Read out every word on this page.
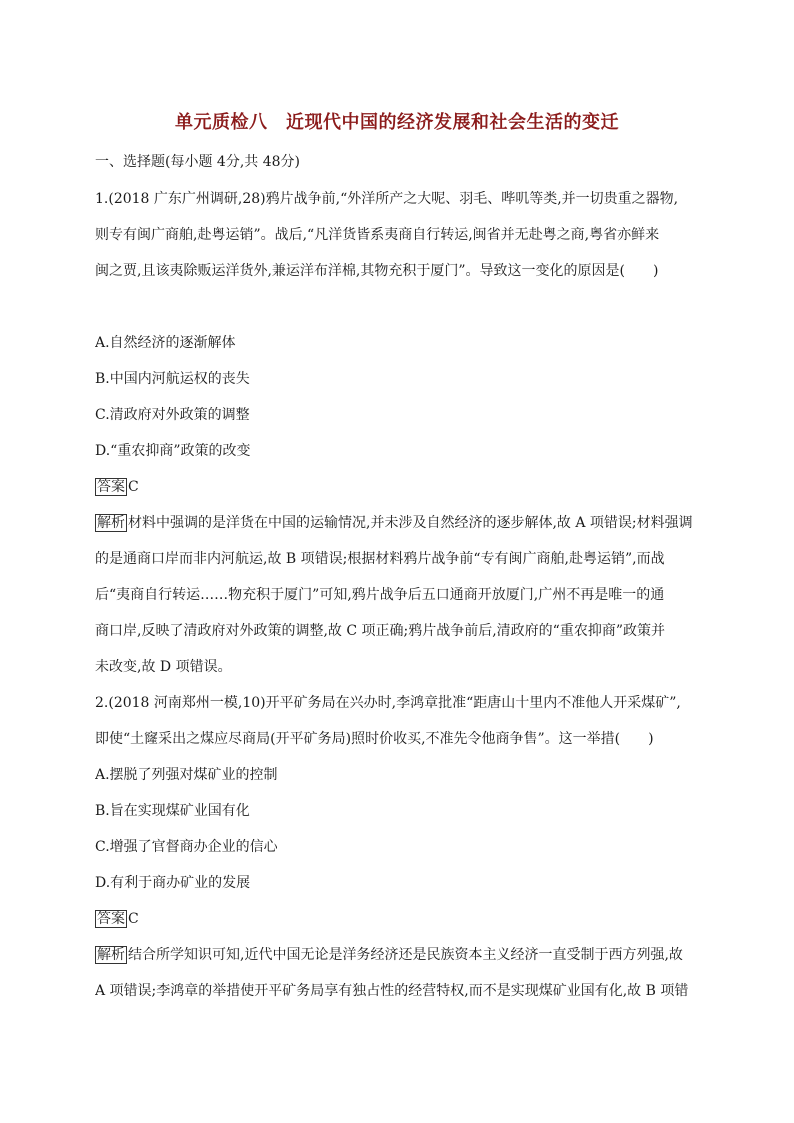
单元质检八　近现代中国的经济发展和社会生活的变迁
一、选择题(每小题 4分,共 48分)
1.(2018 广东广州调研,28)鸦片战争前,“外洋所产之大呢、羽毛、哔叽等类,并一切贵重之器物,
则专有闽广商舶,赴粤运销”。战后,“凡洋货皆系夷商自行转运,闽省并无赴粤之商,粤省亦鲜来
闽之贾,且该夷除贩运洋货外,兼运洋布洋棉,其物充积于厦门”。导致这一变化的原因是(　　)
A.自然经济的逐渐解体
B.中国内河航运权的丧失
C.清政府对外政策的调整
D.“重农抑商”政策的改变
答案 C
解析 材料中强调的是洋货在中国的运输情况,并未涉及自然经济的逐步解体,故 A 项错误;材料强调
的是通商口岸而非内河航运,故 B 项错误;根据材料鸦片战争前“专有闽广商舶,赴粤运销”,而战
后“夷商自行转运……物充积于厦门”可知,鸦片战争后五口通商开放厦门,广州不再是唯一的通
商口岸,反映了清政府对外政策的调整,故 C 项正确;鸦片战争前后,清政府的“重农抑商”政策并
未改变,故 D 项错误。
2.(2018 河南郑州一模,10)开平矿务局在兴办时,李鸿章批准“距唐山十里内不准他人开采煤矿”,
即使“土窿采出之煤应尽商局(开平矿务局)照时价收买,不准先令他商争售”。这一举措(　　)
A.摆脱了列强对煤矿业的控制
B.旨在实现煤矿业国有化
C.增强了官督商办企业的信心
D.有利于商办矿业的发展
答案 C
解析 结合所学知识可知,近代中国无论是洋务经济还是民族资本主义经济一直受制于西方列强,故
A 项错误;李鸿章的举措使开平矿务局享有独占性的经营特权,而不是实现煤矿业国有化,故 B 项错
